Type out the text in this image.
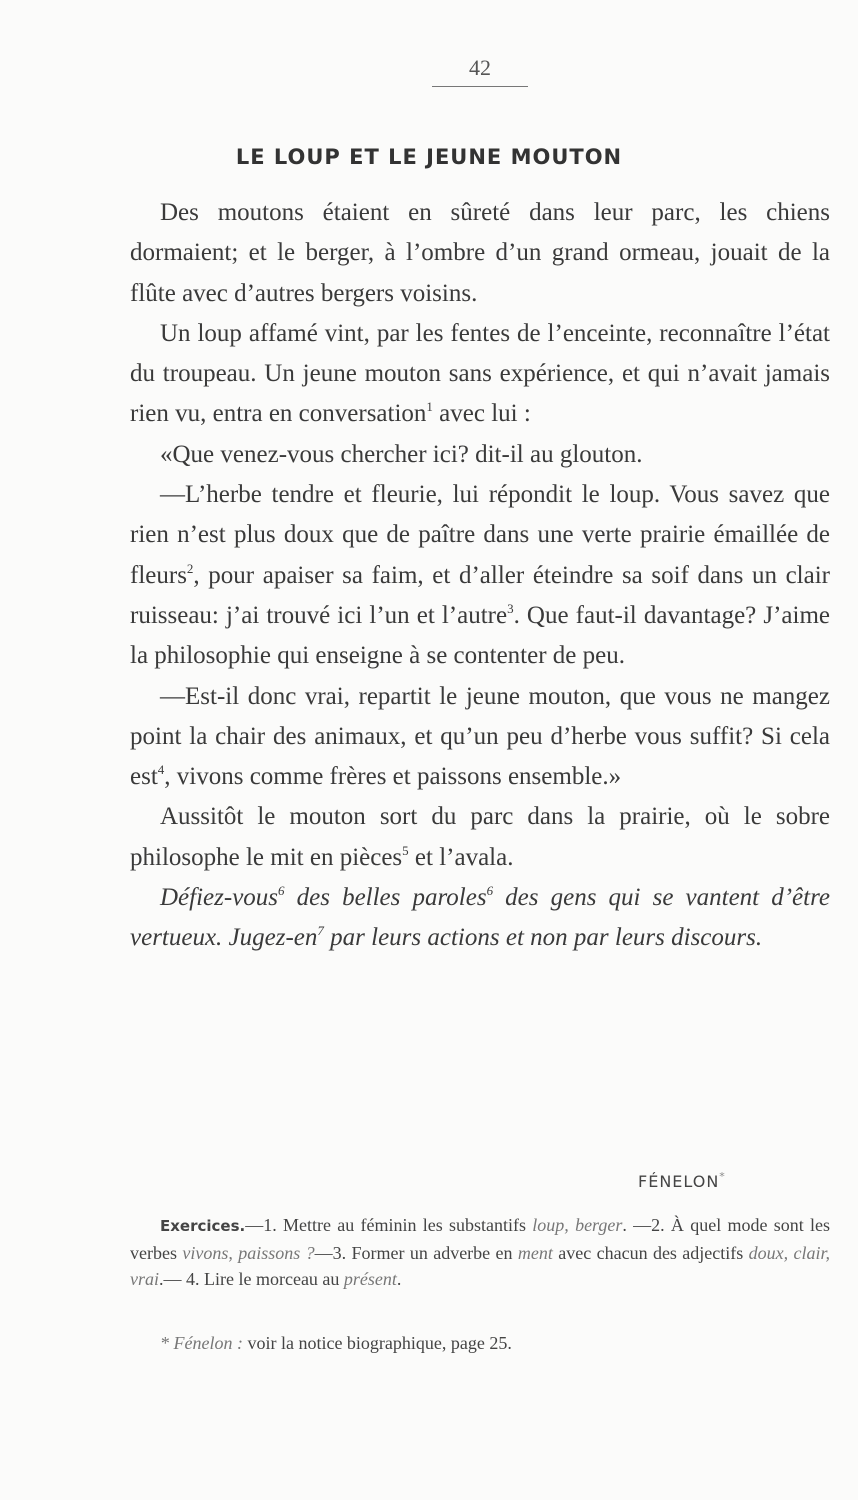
42
LE LOUP ET LE JEUNE MOUTON

Des moutons étaient en sûreté dans leur parc, les chiens dormaient; et le berger, à l’ombre d’un grand ormeau, jouait de la flûte avec d’autres bergers voisins.

Un loup affamé vint, par les fentes de l’enceinte, reconnaître l’état du troupeau. Un jeune mouton sans expérience, et qui n’avait jamais rien vu, entra en conversation$^1$ avec lui :

«Que venez-vous chercher ici? dit-il au glouton.

—L’herbe tendre et fleurie, lui répondit le loup. Vous savez que rien n’est plus doux que de paître dans une verte prairie émaillée de fleurs$^2$, pour apaiser sa faim, et d’aller éteindre sa soif dans un clair ruisseau: j’ai trouvé ici l’un et l’autre$^3$. Que faut-il davantage? J’aime la philosophie qui enseigne à se contenter de peu.

—Est-il donc vrai, repartit le jeune mouton, que vous ne mangez point la chair des animaux, et qu’un peu d’herbe vous suffit? Si cela est$^4$, vivons comme frères et paissons ensemble.»

Aussitôt le mouton sort du parc dans la prairie, où le sobre philosophe le mit en pièces$^5$ et l’avala.

Défiez-vous$^6$ des belles paroles$^6$ des gens qui se vantent d’être vertueux. Jugez-$en^7$ par leurs actions et non par leurs discours.

FÉNELON*

Exercices.—1. Mettre au féminin les substantifs loup, berger. —2. À quel mode sont les verbes vivons, paissons ?—3. Former un adverbe en ment avec chacun des adjectifs doux, clair, vrai.— 4. Lire le morceau au présent.

* Fénelon : voir la notice biographique, page 25.
